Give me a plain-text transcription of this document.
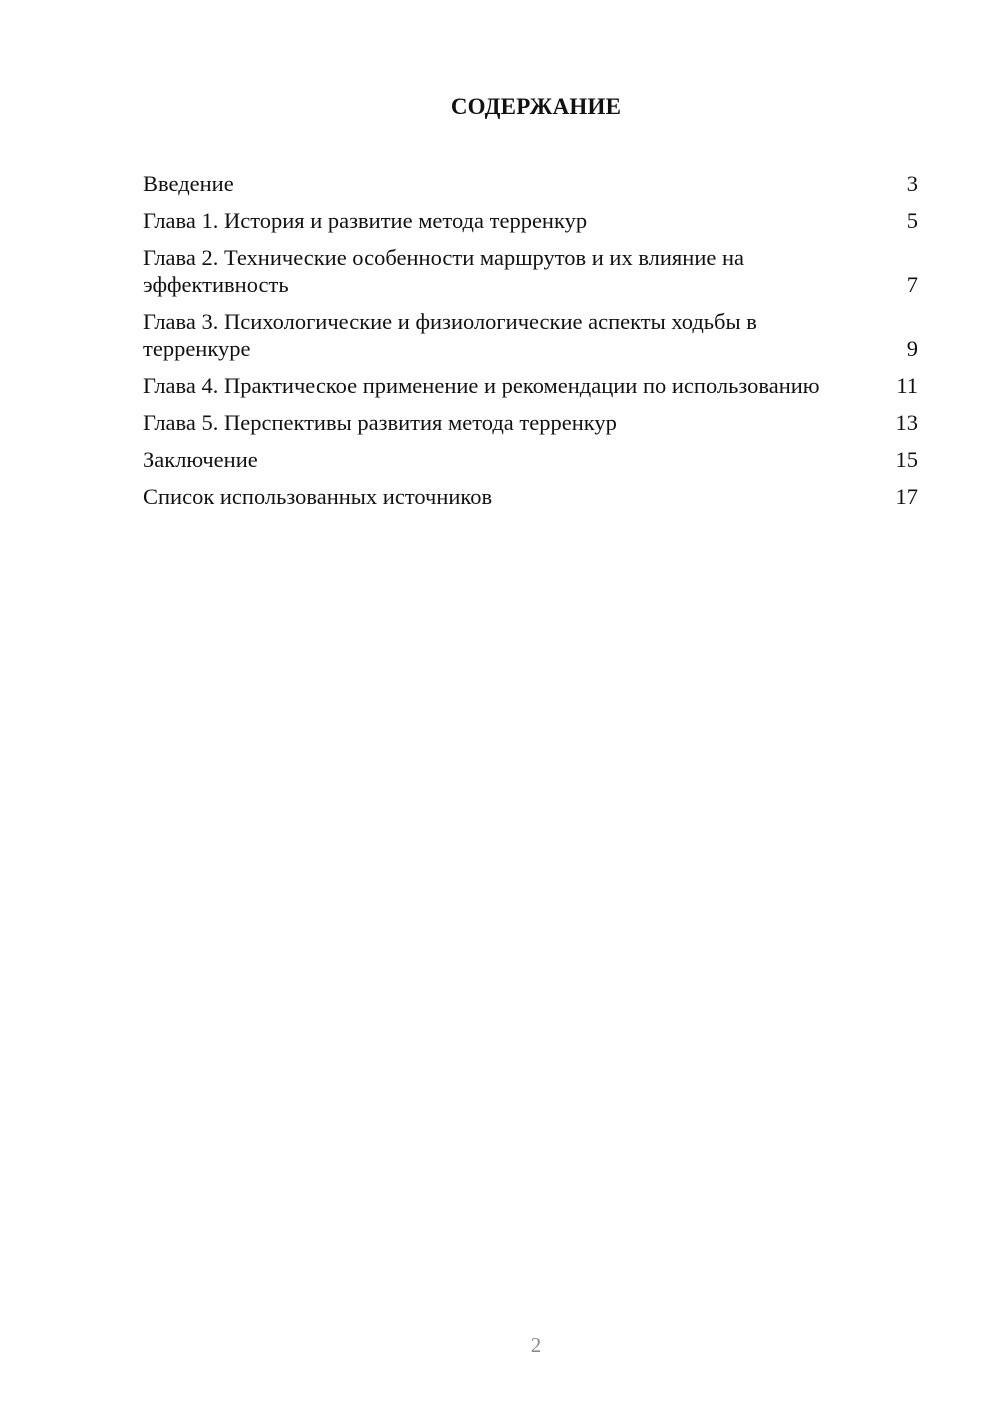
СОДЕРЖАНИЕ
Введение	3
Глава 1. История и развитие метода терренкур	5
Глава 2. Технические особенности маршрутов и их влияние на эффективность	7
Глава 3. Психологические и физиологические аспекты ходьбы в терренкуре	9
Глава 4. Практическое применение и рекомендации по использованию	11
Глава 5. Перспективы развития метода терренкур	13
Заключение	15
Список использованных источников	17
2
